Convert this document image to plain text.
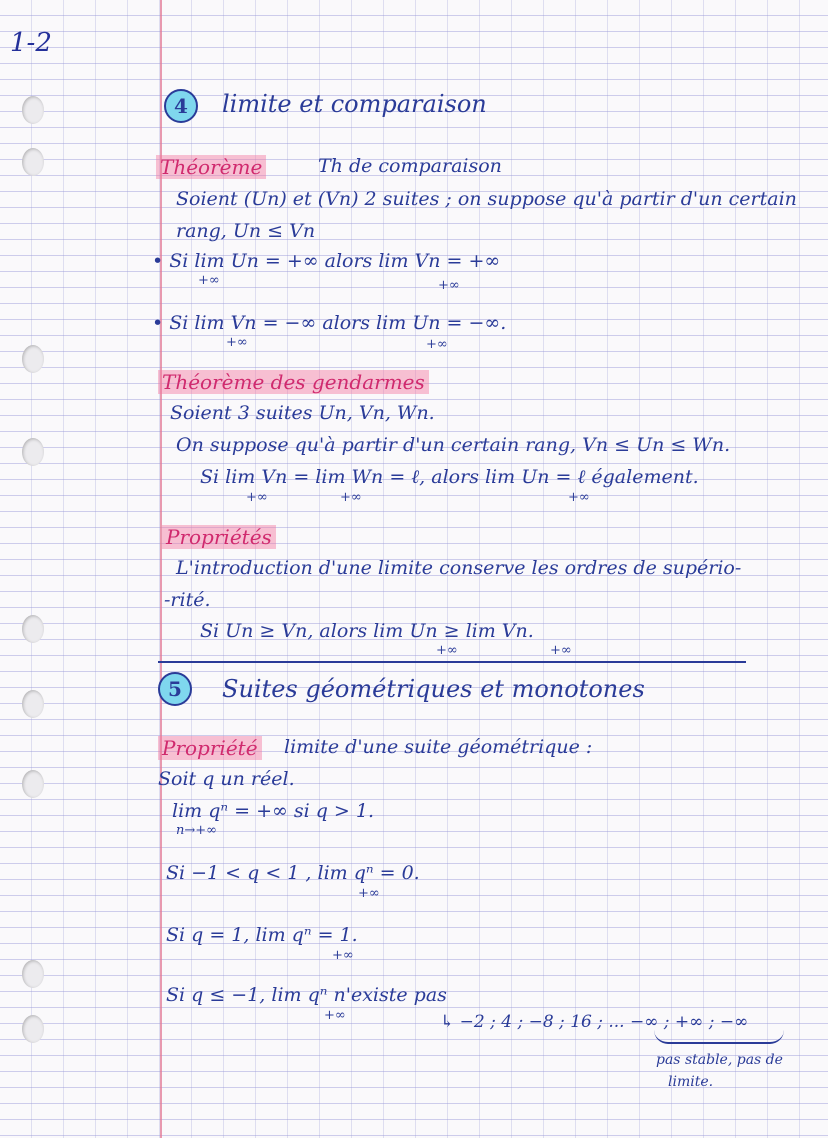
1-2
4	limite et comparaison
Théorème	Th de comparaison
Soient (Un) et (Vn) 2 suites ; on suppose qu'à partir d'un certain
rang, Un ≤ Vn
• Si lim Un = +∞ alors lim Vn = +∞
+∞	+∞
• Si lim Vn = −∞ alors lim Un = −∞.
+∞	+∞
Théorème des gendarmes
Soient 3 suites Un, Vn, Wn.
On suppose qu'à partir d'un certain rang, Vn ≤ Un ≤ Wn.
Si lim Vn = lim Wn = ℓ, alors lim Un = ℓ également.
+∞	+∞	+∞
Propriétés
L'introduction d'une limite conserve les ordres de supério-
-rité.
Si Un ≥ Vn, alors lim Un ≥ lim Vn.
+∞	+∞
5	Suites géométriques et monotones
Propriété limite d'une suite géométrique :
Soit q un réel.
lim qⁿ = +∞ si q > 1.
n→+∞
Si −1 < q < 1 , lim qⁿ = 0.
+∞
Si q = 1, lim qⁿ = 1.
+∞
Si q ≤ −1, lim qⁿ n'existe pas
+∞	↳ −2 ; 4 ; −8 ; 16 ; ... −∞ ; +∞ ; −∞
pas stable, pas de
limite.
